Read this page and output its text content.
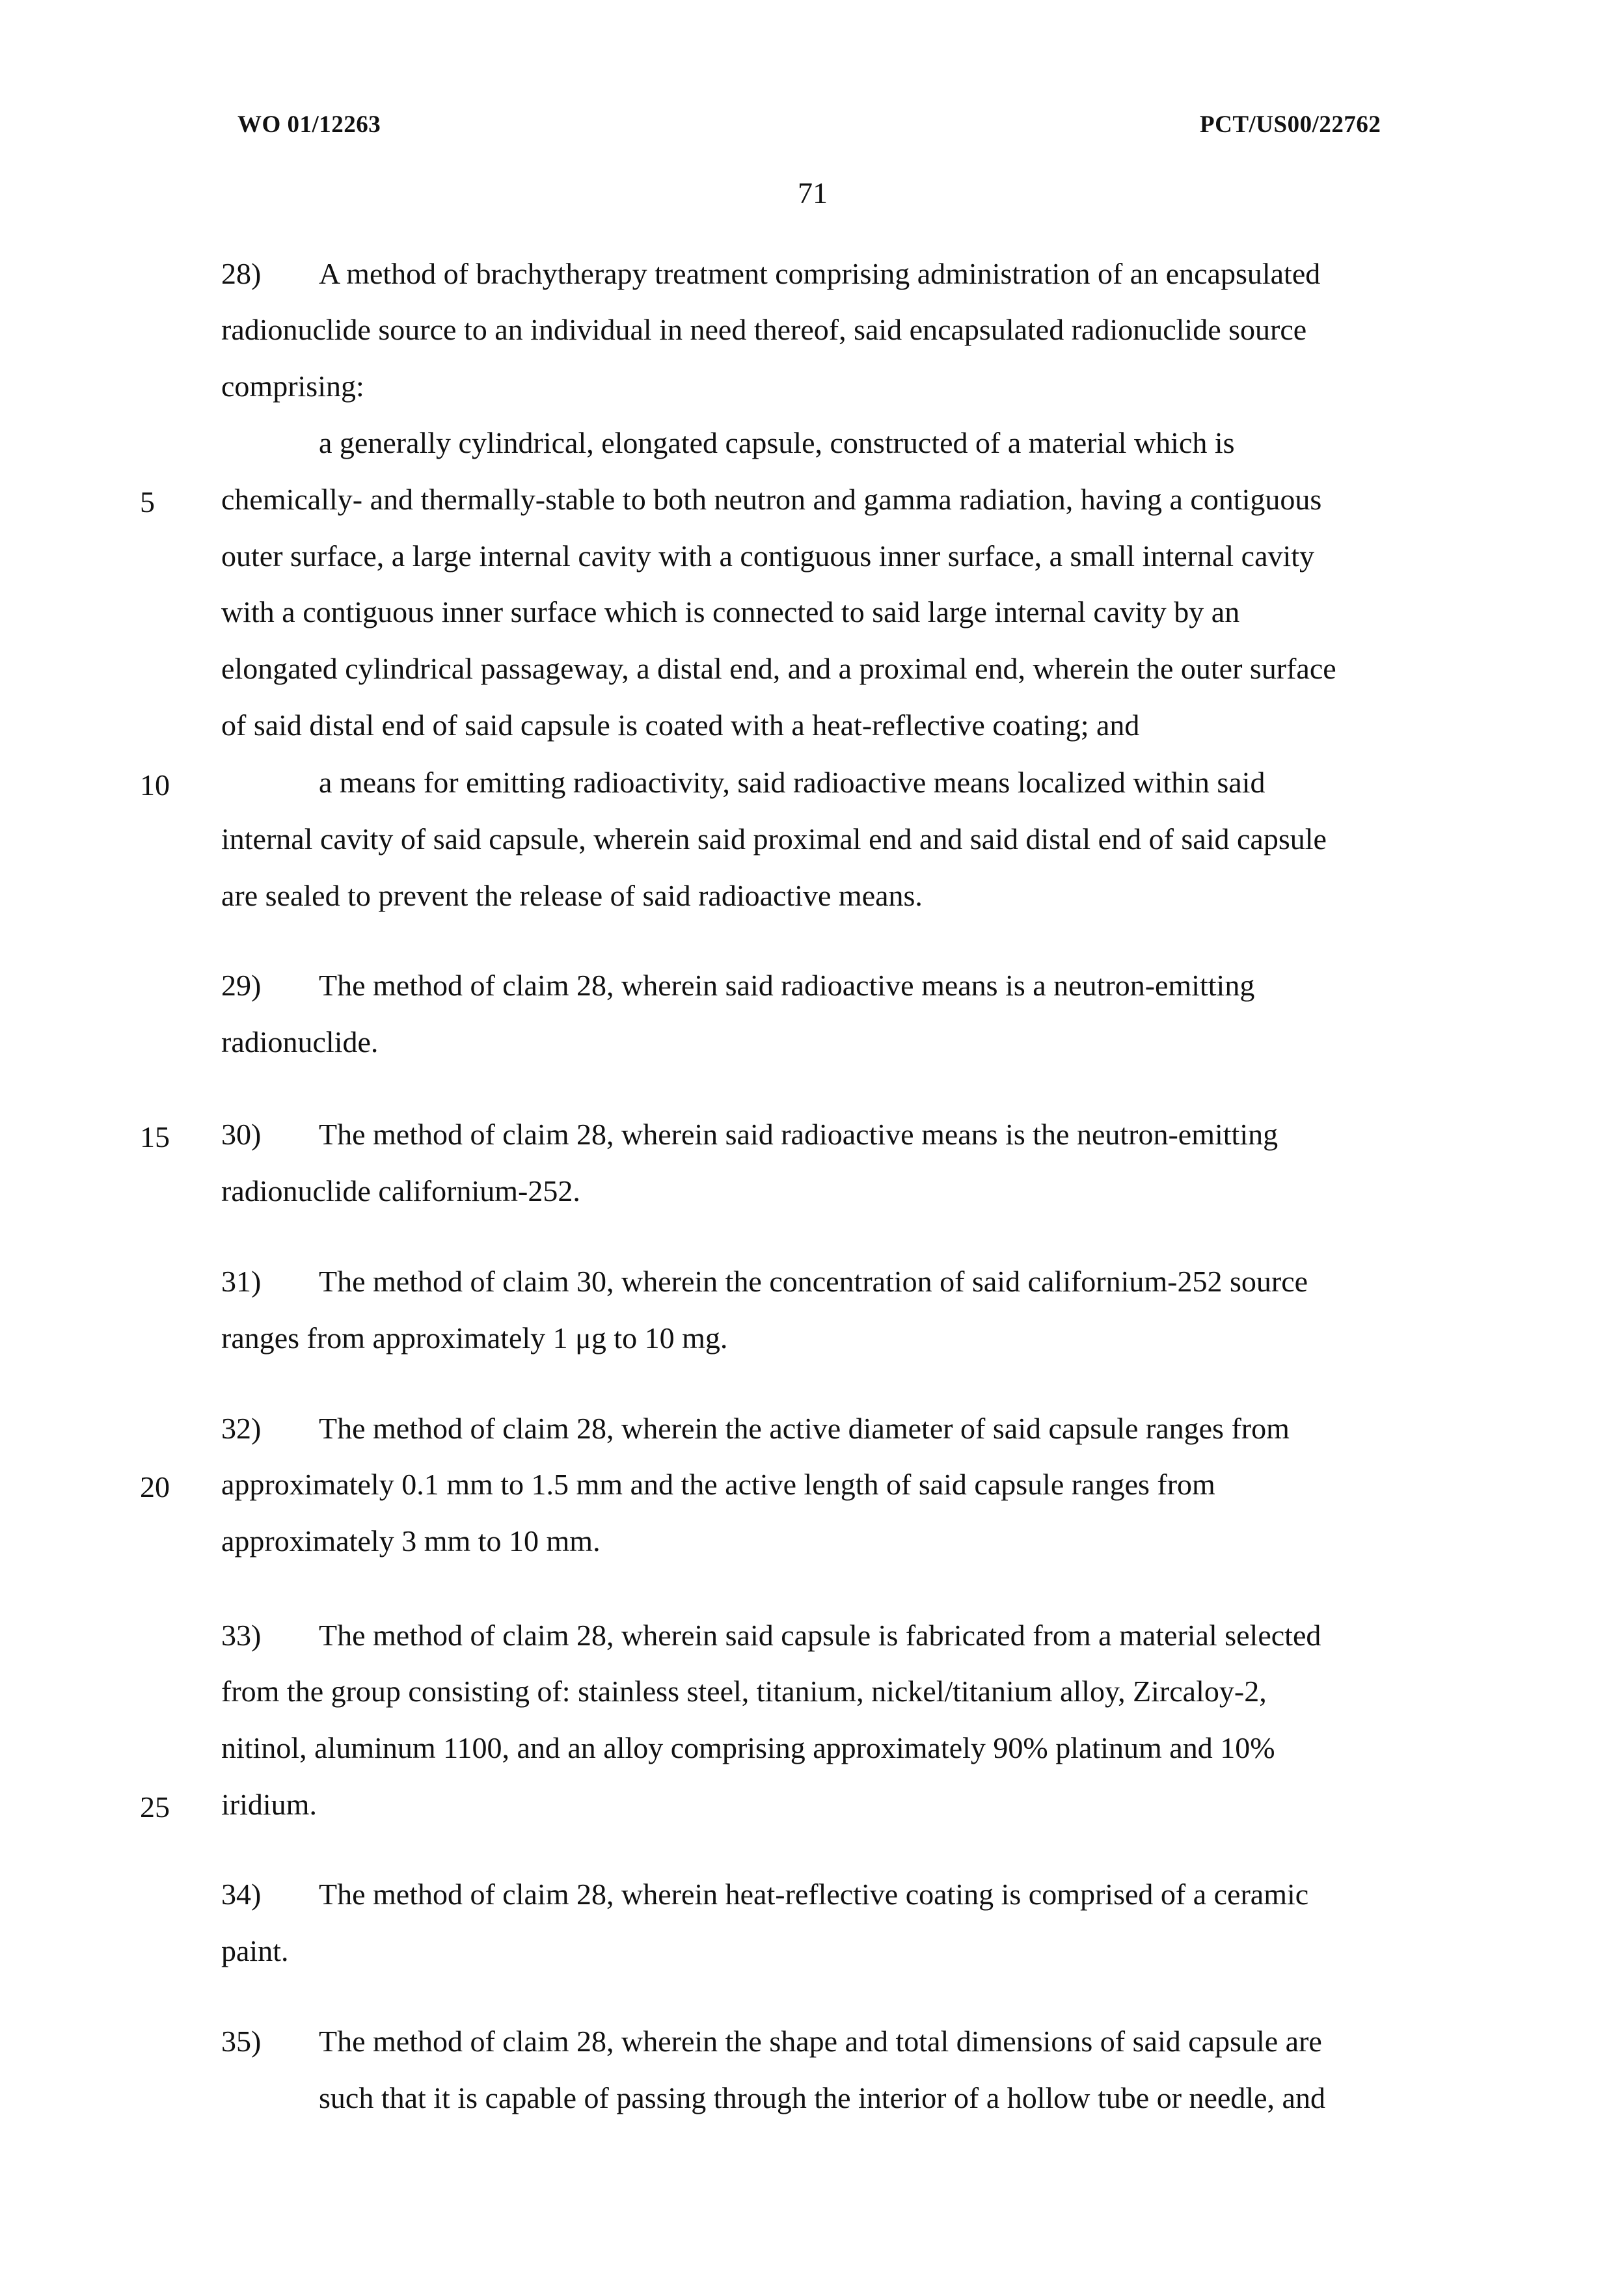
WO 01/12263	PCT/US00/22762
71
5
10
15
20
25
28) A method of brachytherapy treatment comprising administration of an encapsulated
radionuclide source to an individual in need thereof, said encapsulated radionuclide source
comprising:
a generally cylindrical, elongated capsule, constructed of a material which is
chemically- and thermally-stable to both neutron and gamma radiation, having a contiguous
outer surface, a large internal cavity with a contiguous inner surface, a small internal cavity
with a contiguous inner surface which is connected to said large internal cavity by an
elongated cylindrical passageway, a distal end, and a proximal end, wherein the outer surface
of said distal end of said capsule is coated with a heat-reflective coating; and
a means for emitting radioactivity, said radioactive means localized within said
internal cavity of said capsule, wherein said proximal end and said distal end of said capsule
are sealed to prevent the release of said radioactive means.
29) The method of claim 28, wherein said radioactive means is a neutron-emitting
radionuclide.
30) The method of claim 28, wherein said radioactive means is the neutron-emitting
radionuclide californium-252.
31) The method of claim 30, wherein the concentration of said californium-252 source
ranges from approximately 1 μg to 10 mg.
32) The method of claim 28, wherein the active diameter of said capsule ranges from
approximately 0.1 mm to 1.5 mm and the active length of said capsule ranges from
approximately 3 mm to 10 mm.
33) The method of claim 28, wherein said capsule is fabricated from a material selected
from the group consisting of: stainless steel, titanium, nickel/titanium alloy, Zircaloy-2,
nitinol, aluminum 1100, and an alloy comprising approximately 90% platinum and 10%
iridium.
34) The method of claim 28, wherein heat-reflective coating is comprised of a ceramic
paint.
35) The method of claim 28, wherein the shape and total dimensions of said capsule are
such that it is capable of passing through the interior of a hollow tube or needle, and
